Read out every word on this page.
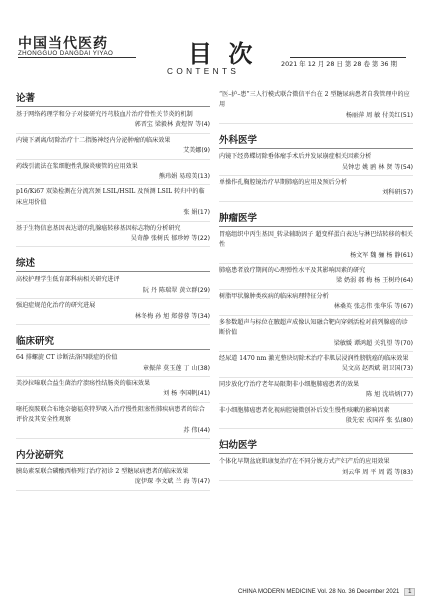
中国当代医药
ZHONGGUO DANGDAI YIYAO	目 次
CONTENTS
2021 年 12 月 28 日 第 28 卷 第 36 期
论著
基于网络药理学和分子对接研究丹芎肢血片治疗骨性关节炎的机制
郭晋宝 梁毅林 黄煜智 等(4)
内镜下剥离/切除治疗十二指肠神经内分泌肿瘤的临床效果
艾美娜(9)
药线引流法在浆细胞性乳腺炎瘘管的应用效果
熊玮娟 易琼美(13)
p16/Ki67 双染检测在分流宫颈 LSIL/HSIL 及预测 LSIL 转归中的临床应用价值
张 娟(17)
基于生物信息基因表达谱的乳腺癌转移基因标志物的分析研究
吴奇静 张树氏 郁珍婷 等(22)
综述
高校护理学生低育部科病相关研究进评
阮 丹 陈瑞翠 黄立群(29)
强迫症规范化治疗的研究进展
林冬梅 孙 旭 郑蓉蓉 等(34)
临床研究
64 排螺旋 CT 诊断法洛四联症的价值
章振萍 莫玉莲 丁 山(38)
美沙拉嗪联合益生菌治疗溃疡性结肠炎的临床效果
刘 杨 李国帆(41)
噻托溴胺联合布地奈德福莫特罗吸入治疗慢性阻塞性肺疾病患者的综合评价及其安全性观察
苏 伟(44)
内分泌研究
胰岛素泵联合磷酸西格列汀治疗初诊 2 型糖尿病患者的临床效果
庞伊琛 李文斌 兰 海 等(47)
“医–护–患”三人行模式联合微信平台在 2 型糖尿病患者自我管理中的应用
杨丽萍 周 敏 付美红(51)
外科医学
内镜下经鼻蝶切除垂体瘤手术后并发尿崩症相关因素分析
吴钟忠 姚 鸥 林 贤 等(54)
单操作孔胸腔镜治疗早期肺癌的应用及预后分析
刘科研(57)
肿瘤医学
胃癌组织中丙生基因_转录辅助因子 超变样蛋白表达与淋巴结转移的相关性
杨文军 魏 骊 杨 静(61)
肺癌患者放疗期间的心理弹性水平及其影响因素的研究
梁 奶弱 郝 梅 杨 王树玲(64)
树脂甲状腺肿类疾病的临床病理特征分析
林桑英 张志伟 张华乐 等(67)
多参数超声与标位在腋超声成像认知融合靶向穿刺活检对前列腺癌的诊断价值
梁敏媛 谭鸿超 关乳望 等(70)
经尿道 1470 nm 激光整块切除术治疗非肌层浸润性膀胱癌的临床效果
吴文高 赵西斌 胡卫国(73)
同步放化疗治疗老年局限期非小细胞肺癌患者的效果
陈 旭 沈培炳(77)
非小细胞肺癌患者化视病腔镜微创补后发生慢性咳嗽的影响因素
殷先宏 戎国祥 张 弘(80)
妇幼医学
个体化早期盆底肌康复治疗在不同分娩方式产妇产后的应用效果
刘云华 周 平 周 霞 等(83)
CHINA MODERN MEDICINE Vol. 28 No. 36 December 2021 1
